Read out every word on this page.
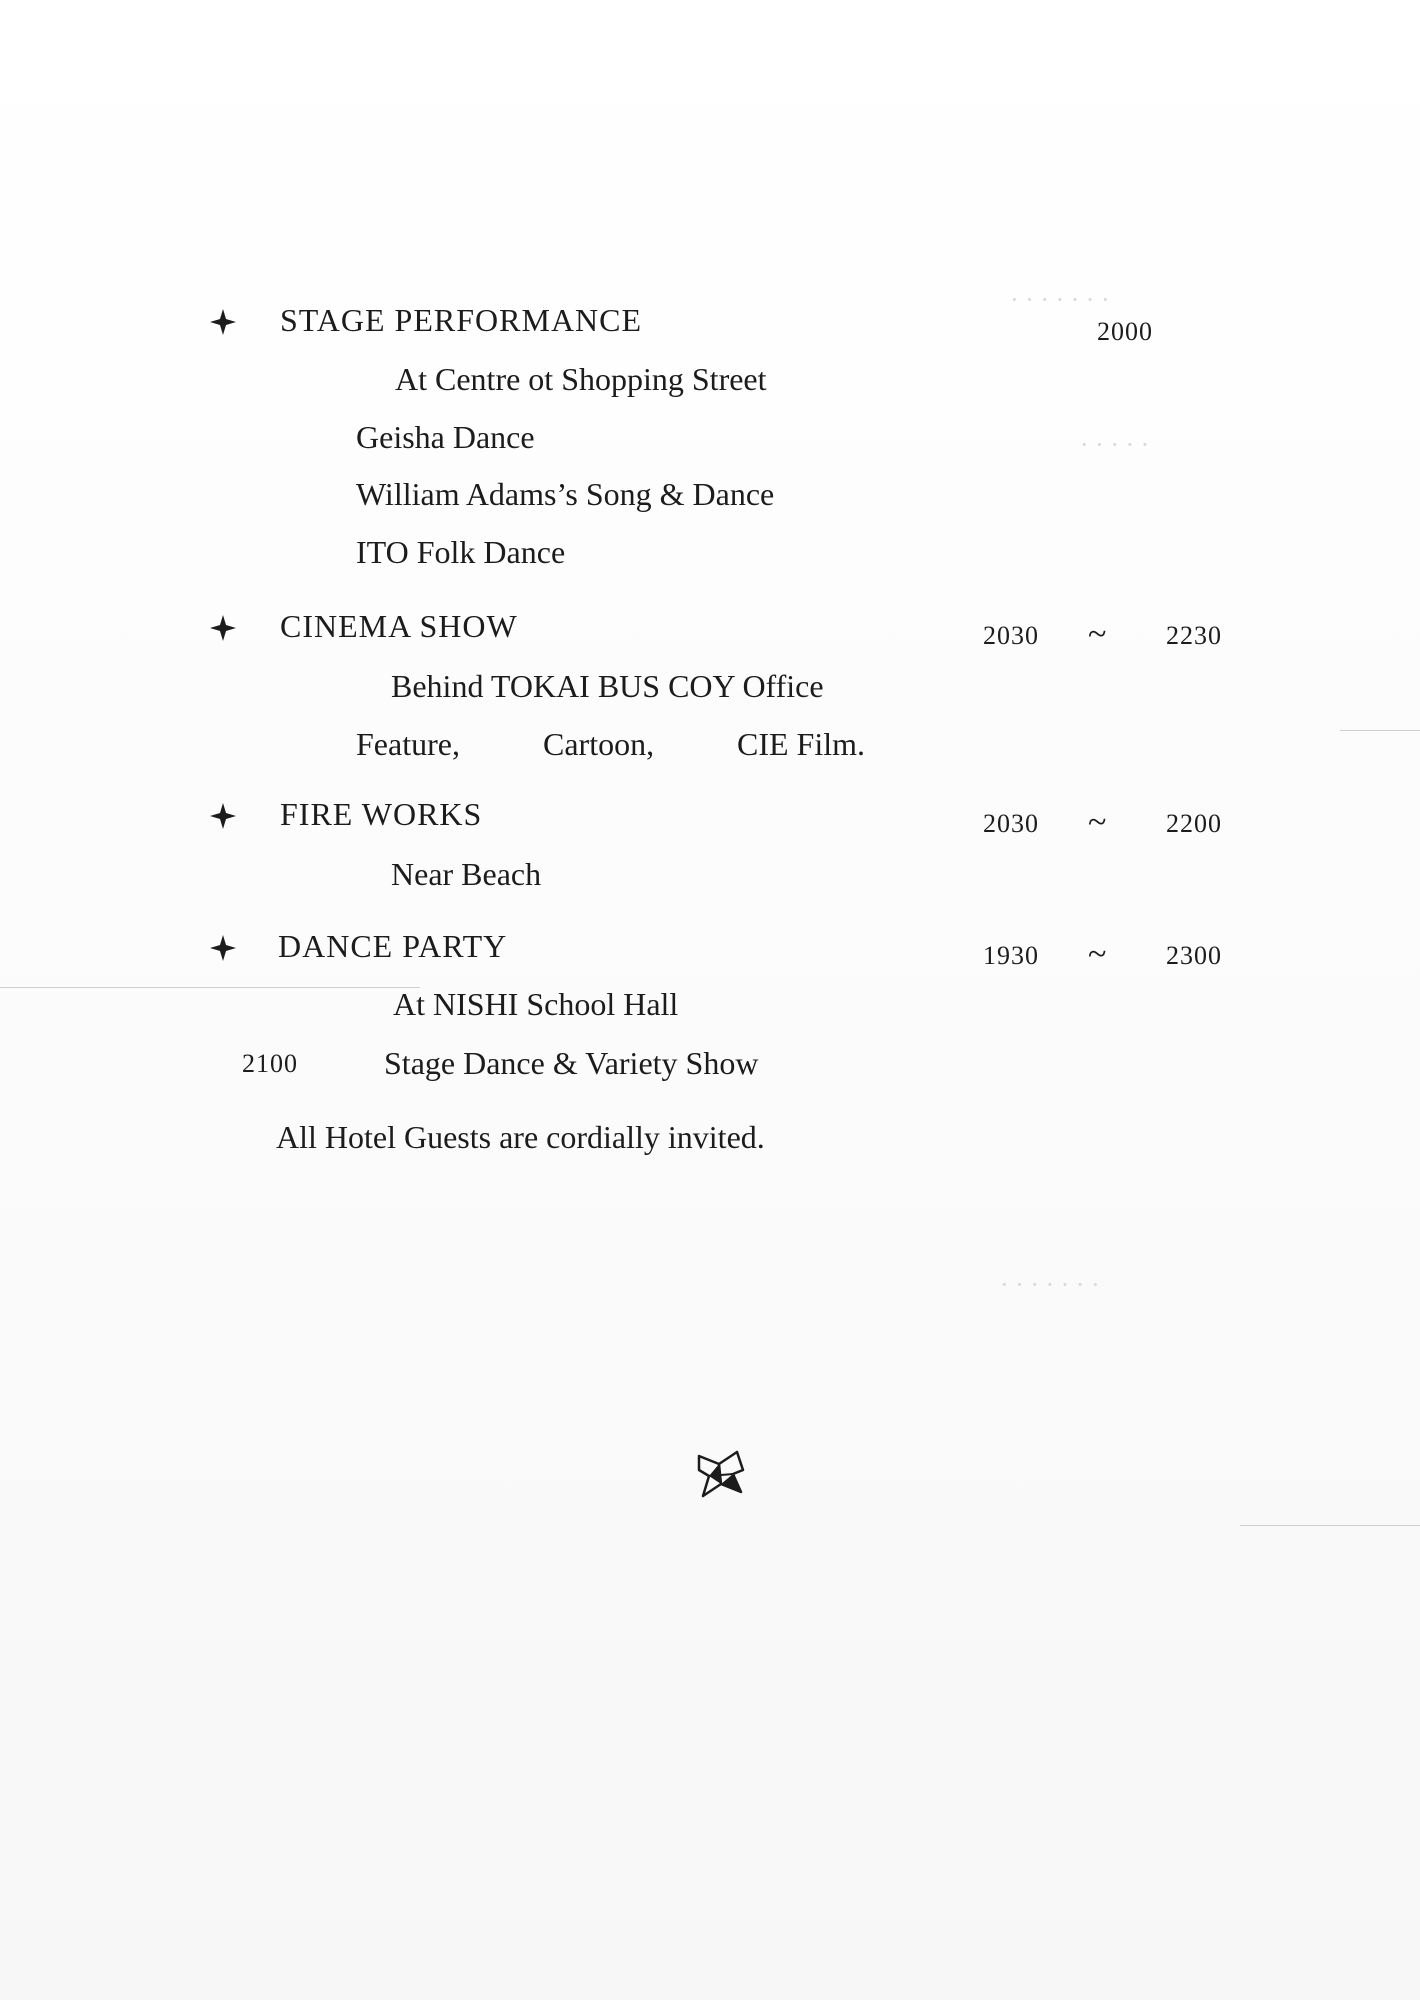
· · · · · · ·
· · · · ·
· · · · · · ·
STAGE PERFORMANCE	2000
At Centre ot Shopping Street
Geisha Dance
William Adams’s Song & Dance
ITO Folk Dance
CINEMA SHOW	2030 ~ 2230
Behind TOKAI BUS COY Office
Feature,	Cartoon,	CIE Film.
FIRE WORKS	2030 ~ 2200
Near Beach
DANCE PARTY	1930 ~ 2300
At NISHI School Hall
2100	Stage Dance & Variety Show
All Hotel Guests are cordially invited.
